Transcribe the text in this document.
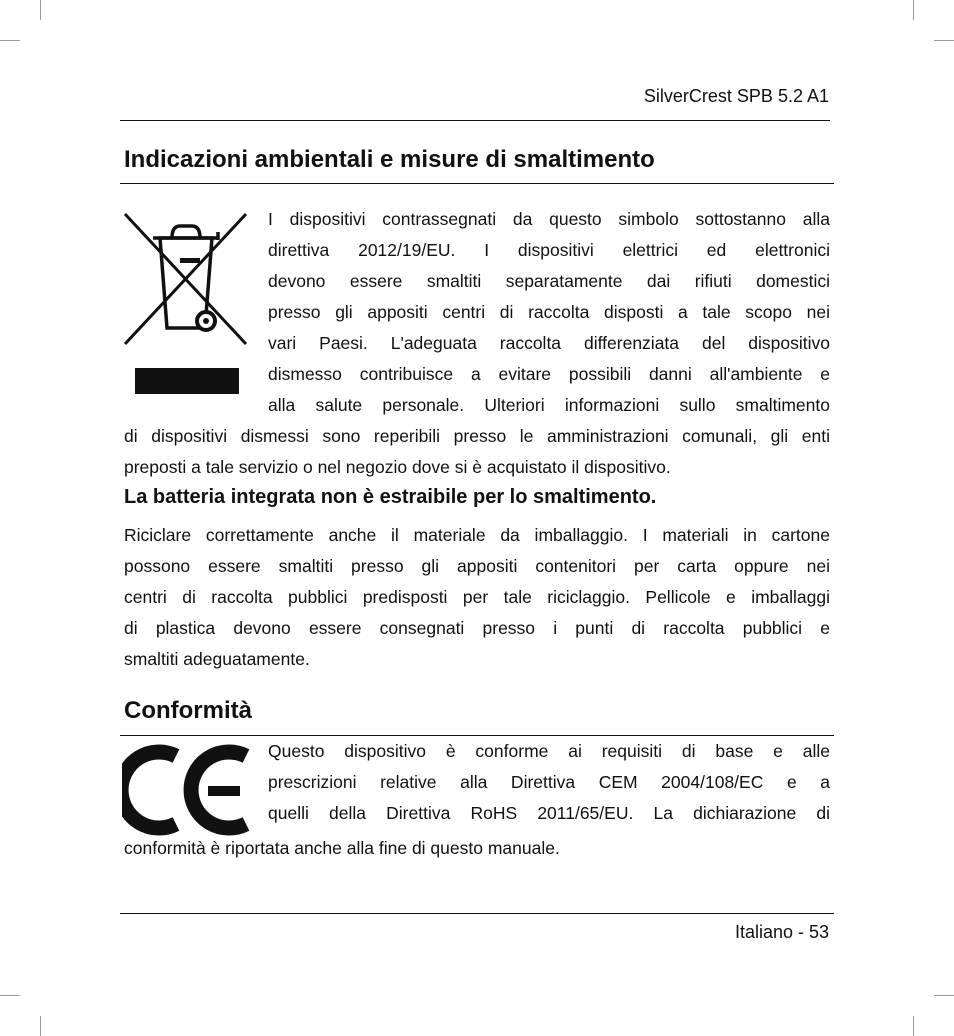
SilverCrest SPB 5.2 A1
Indicazioni ambientali e misure di smaltimento
I dispositivi contrassegnati da questo simbolo sottostanno alla
direttiva 2012/19/EU. I dispositivi elettrici ed elettronici
devono essere smaltiti separatamente dai rifiuti domestici
presso gli appositi centri di raccolta disposti a tale scopo nei
vari Paesi. L'adeguata raccolta differenziata del dispositivo
dismesso contribuisce a evitare possibili danni all'ambiente e
alla salute personale. Ulteriori informazioni sullo smaltimento
di dispositivi dismessi sono reperibili presso le amministrazioni comunali, gli enti
preposti a tale servizio o nel negozio dove si è acquistato il dispositivo.

La batteria integrata non è estraibile per lo smaltimento.

Riciclare correttamente anche il materiale da imballaggio. I materiali in cartone
possono essere smaltiti presso gli appositi contenitori per carta oppure nei
centri di raccolta pubblici predisposti per tale riciclaggio. Pellicole e imballaggi
di plastica devono essere consegnati presso i punti di raccolta pubblici e
smaltiti adeguatamente.
Conformità
Questo dispositivo è conforme ai requisiti di base e alle
prescrizioni relative alla Direttiva CEM 2004/108/EC e a
quelli della Direttiva RoHS 2011/65/EU. La dichiarazione di
conformità è riportata anche alla fine di questo manuale.
Italiano - 53
